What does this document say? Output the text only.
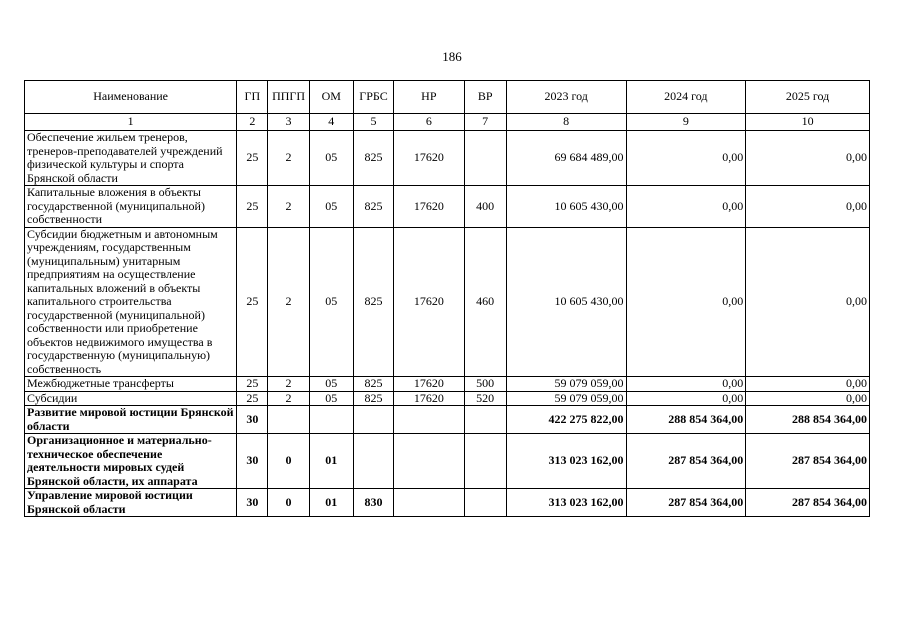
186
Наименование	ГП	ППГП	ОМ	ГРБС	НР	ВР	2023 год	2024 год	2025 год
1	2	3	4	5	6	7	8	9	10
Обеспечение жильем тренеров, тренеров-преподавателей учреждений физической культуры и спорта Брянской области	25	2	05	825	17620		69 684 489,00	0,00	0,00
Капитальные вложения в объекты государственной (муниципальной) собственности	25	2	05	825	17620	400	10 605 430,00	0,00	0,00
Субсидии бюджетным и автономным учреждениям, государственным (муниципальным) унитарным предприятиям на осуществление капитальных вложений в объекты капитального строительства государственной (муниципальной) собственности или приобретение объектов недвижимого имущества в государственную (муниципальную) собственность	25	2	05	825	17620	460	10 605 430,00	0,00	0,00
Межбюджетные трансферты	25	2	05	825	17620	500	59 079 059,00	0,00	0,00
Субсидии	25	2	05	825	17620	520	59 079 059,00	0,00	0,00
Развитие мировой юстиции Брянской области	30						422 275 822,00	288 854 364,00	288 854 364,00
Организационное и материально-техническое обеспечение деятельности мировых судей Брянской области, их аппарата	30	0	01				313 023 162,00	287 854 364,00	287 854 364,00
Управление мировой юстиции Брянской области	30	0	01	830			313 023 162,00	287 854 364,00	287 854 364,00
